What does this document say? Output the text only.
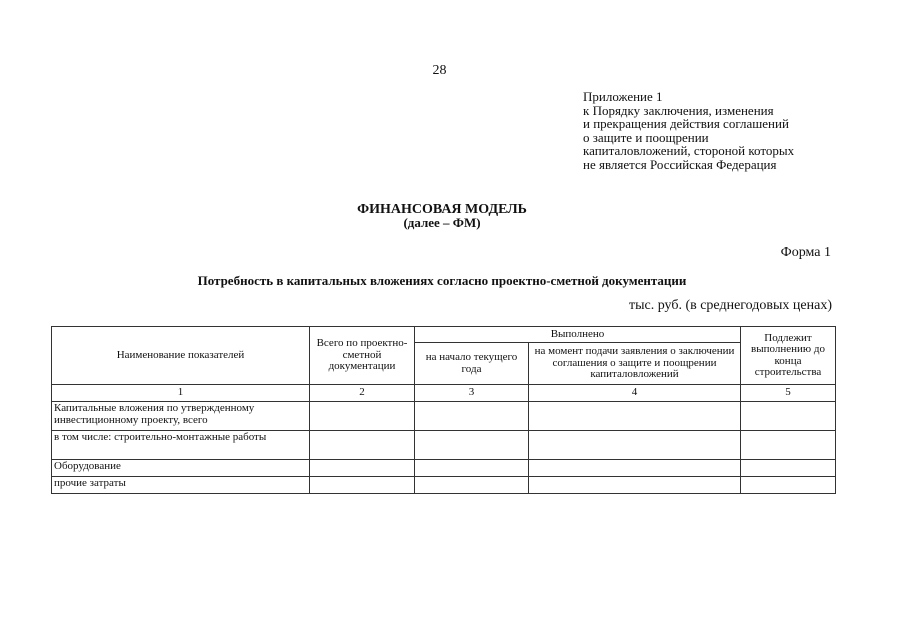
28
Приложение 1
к Порядку заключения, изменения
и прекращения действия соглашений
о защите и поощрении
капиталовложений, стороной которых
не является Российская Федерация
ФИНАНСОВАЯ МОДЕЛЬ
(далее – ФМ)
Форма 1
Потребность в капитальных вложениях согласно проектно-сметной документации
тыс. руб. (в среднегодовых ценах)
Наименование показателей	Всего по проектно-сметной документации	Выполнено		Подлежит выполнению до конца строительства
		на начало текущего года	на момент подачи заявления о заключении соглашения о защите и поощрении капиталовложений	
1	2	3	4	5
Капитальные вложения по утвержденному инвестиционному проекту, всего				
в том числе: строительно-монтажные работы				
Оборудование				
прочие затраты				
